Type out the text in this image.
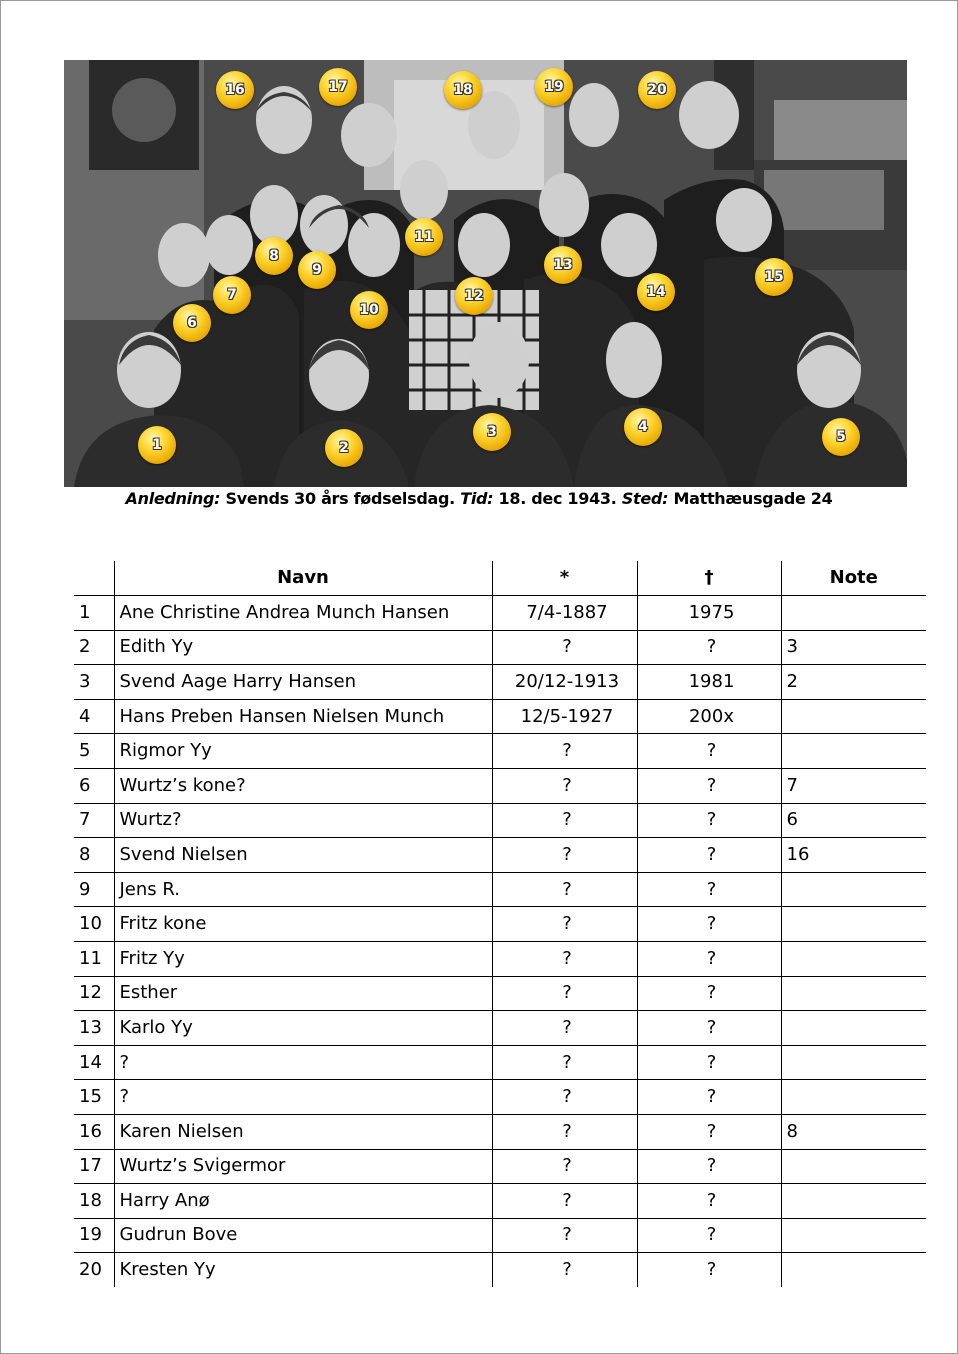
16	17	18	19	20
11
13
15
8
9
7	12	14
6
10
1	2
3	4
5
Anledning: Svends 30 års fødselsdag. Tid: 18. dec 1943. Sted: Matthæusgade 24
	Navn	*	†	Note
1	Ane Christine Andrea Munch Hansen	7/4-1887	1975	
2	Edith Yy	?	?	3
3	Svend Aage Harry Hansen	20/12-1913	1981	2
4	Hans Preben Hansen Nielsen Munch	12/5-1927	200x	
5	Rigmor Yy	?	?	
6	Wurtz’s kone?	?	?	7
7	Wurtz?	?	?	6
8	Svend Nielsen	?	?	16
9	Jens R.	?	?	
10	Fritz kone	?	?	
11	Fritz Yy	?	?	
12	Esther	?	?	
13	Karlo Yy	?	?	
14	?	?	?	
15	?	?	?	
16	Karen Nielsen	?	?	8
17	Wurtz’s Svigermor	?	?	
18	Harry Anø	?	?	
19	Gudrun Bove	?	?	
20	Kresten Yy	?	?	
